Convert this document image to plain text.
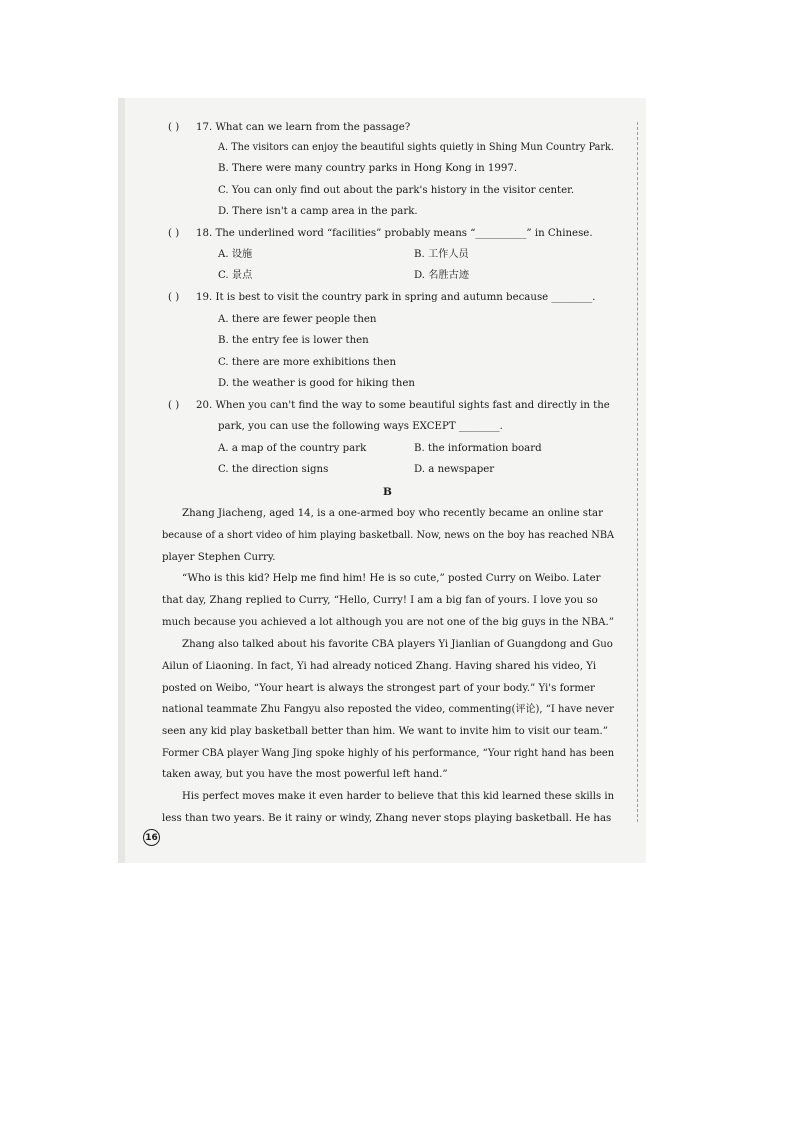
( ) 17. What can we learn from the passage?
A. The visitors can enjoy the beautiful sights quietly in Shing Mun Country Park.
B. There were many country parks in Hong Kong in 1997.
C. You can only find out about the park's history in the visitor center.
D. There isn't a camp area in the park.
( ) 18. The underlined word “facilities” probably means “__________” in Chinese.
A. 设施	B. 工作人员
C. 景点	D. 名胜古迹
( ) 19. It is best to visit the country park in spring and autumn because ________.
A. there are fewer people then
B. the entry fee is lower then
C. there are more exhibitions then
D. the weather is good for hiking then
( ) 20. When you can't find the way to some beautiful sights fast and directly in the
park, you can use the following ways EXCEPT ________.
A. a map of the country park	B. the information board
C. the direction signs	D. a newspaper
B
Zhang Jiacheng, aged 14, is a one-armed boy who recently became an online star
because of a short video of him playing basketball. Now, news on the boy has reached NBA
player Stephen Curry.
“Who is this kid? Help me find him! He is so cute,” posted Curry on Weibo. Later
that day, Zhang replied to Curry, “Hello, Curry! I am a big fan of yours. I love you so
much because you achieved a lot although you are not one of the big guys in the NBA.”
Zhang also talked about his favorite CBA players Yi Jianlian of Guangdong and Guo
Ailun of Liaoning. In fact, Yi had already noticed Zhang. Having shared his video, Yi
posted on Weibo, “Your heart is always the strongest part of your body.” Yi's former
national teammate Zhu Fangyu also reposted the video, commenting(评论), “I have never
seen any kid play basketball better than him. We want to invite him to visit our team.”
Former CBA player Wang Jing spoke highly of his performance, “Your right hand has been
taken away, but you have the most powerful left hand.”
His perfect moves make it even harder to believe that this kid learned these skills in
less than two years. Be it rainy or windy, Zhang never stops playing basketball. He has
16
